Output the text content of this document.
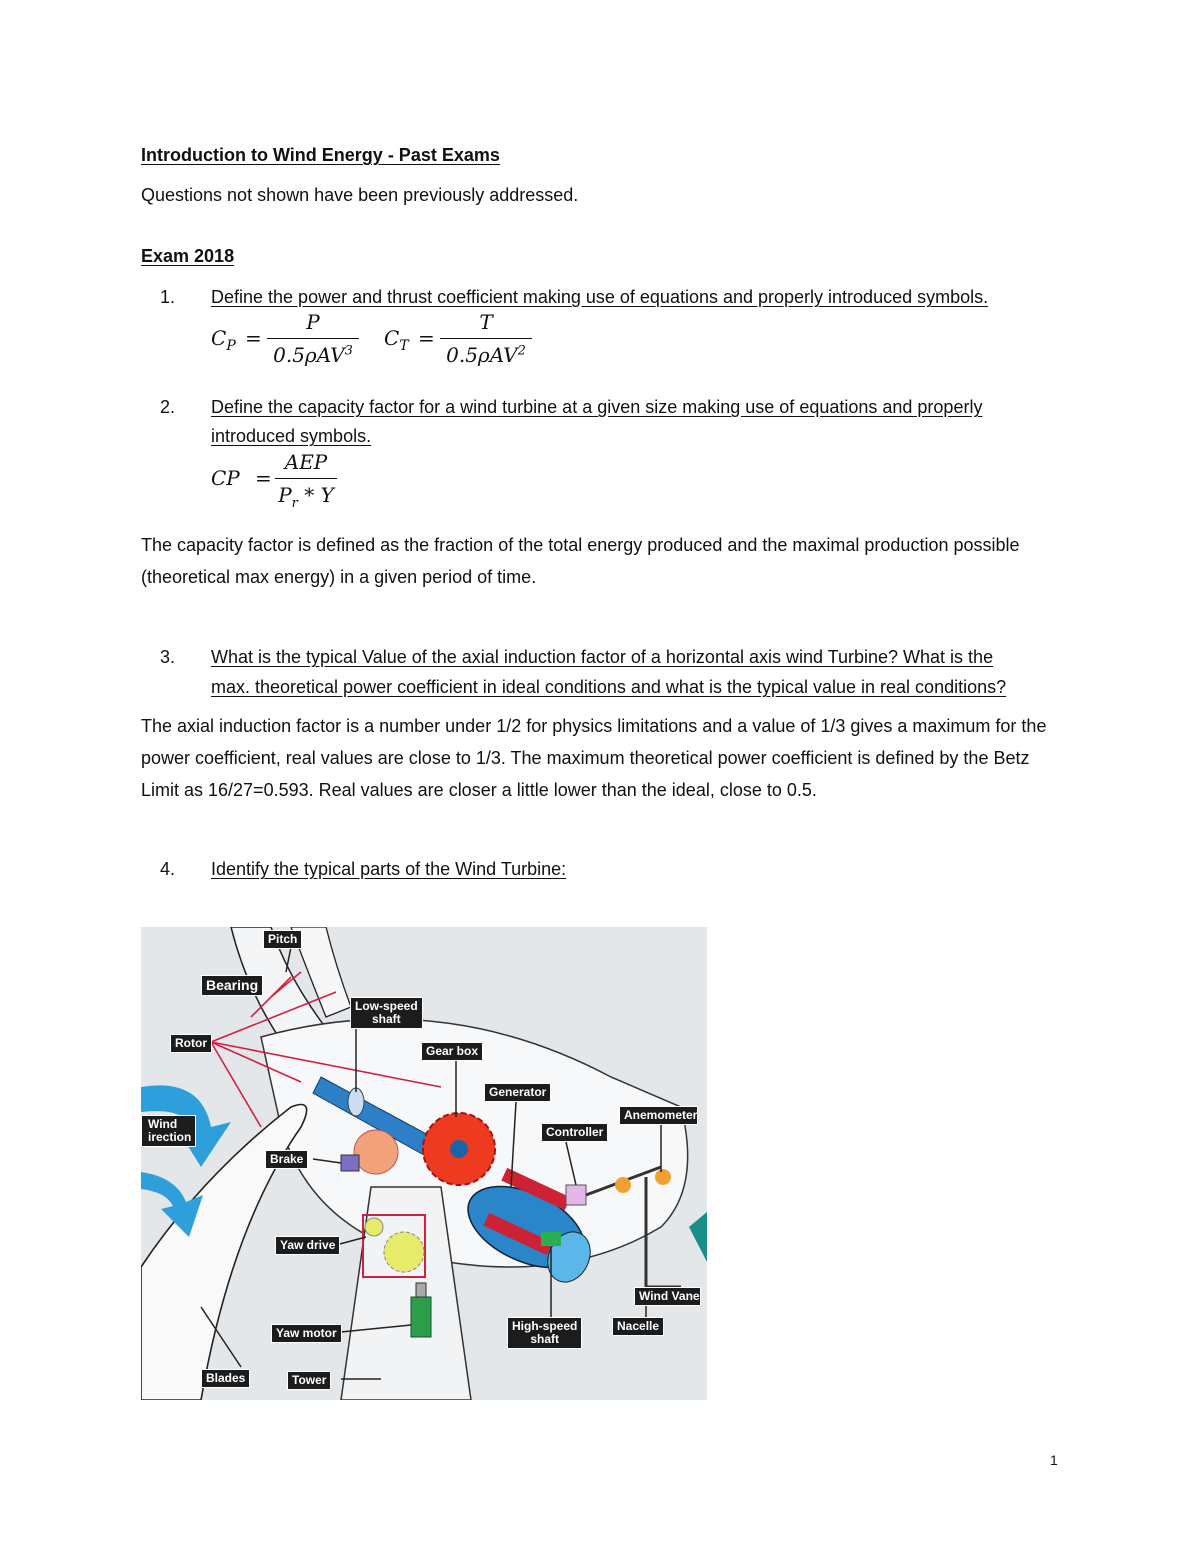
Introduction to Wind Energy - Past Exams
Questions not shown have been previously addressed.
Exam 2018
1. Define the power and thrust coefficient making use of equations and properly introduced symbols.
$C_P$ =
P
0.5ρAV$^3$
$C_T$ =
T
0.5ρAV$^2$
2. Define the capacity factor for a wind turbine at a given size making use of equations and properly
introduced symbols.
CP =
AEP
$P_r$ * Y
The capacity factor is defined as the fraction of the total energy produced and the maximal production possible (theoretical max energy) in a given period of time.
3. What is the typical Value of the axial induction factor of a horizontal axis wind Turbine? What is the
max. theoretical power coefficient in ideal conditions and what is the typical value in real conditions?
The axial induction factor is a number under 1/2 for physics limitations and a value of 1/3 gives a maximum for the power coefficient, real values are close to 1/3. The maximum theoretical power coefficient is defined by the Betz Limit as 16/27=0.593. Real values are closer a little lower than the ideal, close to 0.5.
4. Identify the typical parts of the Wind Turbine:
Pitch
Bearing
Low-speed
shaft
Rotor
Gear box
Generator
Anemometer
Controller
Wind
irection
Brake
Yaw drive
Wind Vane
Nacelle
High-speed
shaft
Yaw motor
Blades	Tower
1
